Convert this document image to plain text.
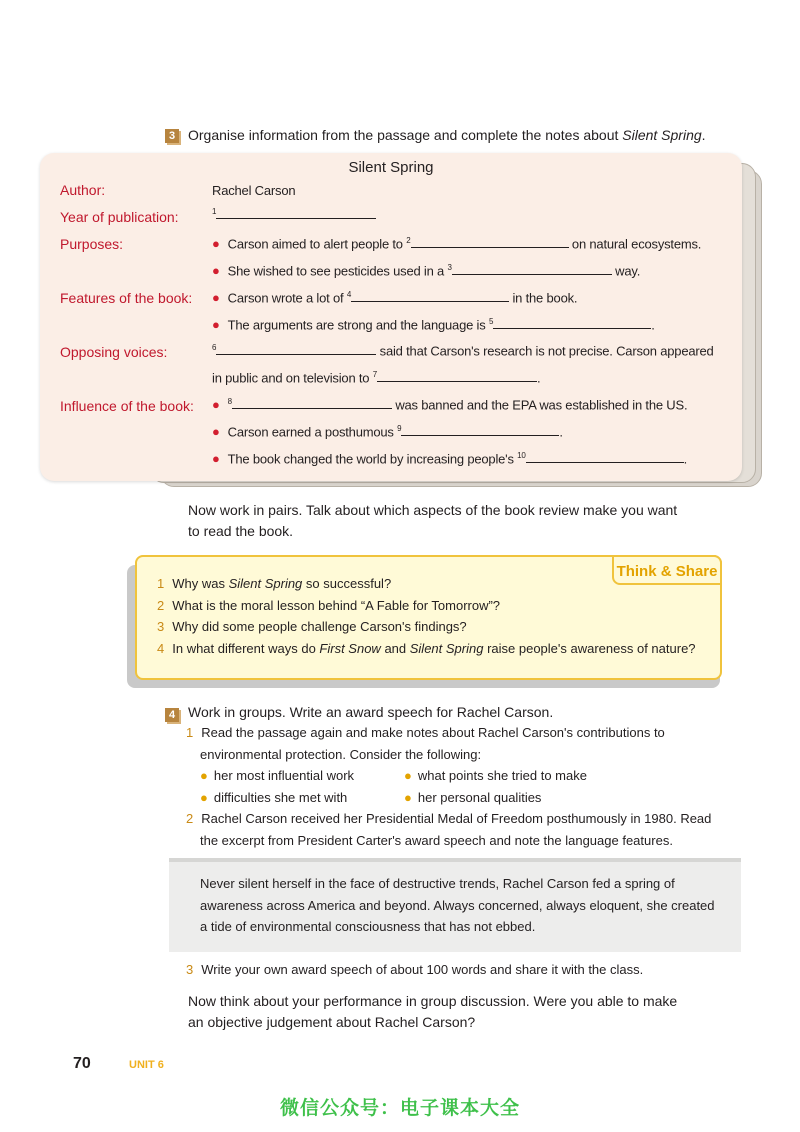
3 Organise information from the passage and complete the notes about Silent Spring.
Silent Spring
Author:	Rachel Carson
Year of publication:	$^1$
Purposes:	● Carson aimed to alert people to $^2$	on natural ecosystems.
● She wished to see pesticides used in a $^3$	way.
Features of the book: ● Carson wrote a lot of $^4$	in the book.
● The arguments are strong and the language is $^5$	.
Opposing voices:	$^6$	said that Carson's research is not precise. Carson appeared
in public and on television to $^7$	.
Influence of the book: ● $^8$	was banned and the EPA was established in the US.
● Carson earned a posthumous $^9$	.
● The book changed the world by increasing people's $^{10}$	.
Now work in pairs. Talk about which aspects of the book review make you want
to read the book.
Think & Share
1 Why was Silent Spring so successful?
2 What is the moral lesson behind “A Fable for Tomorrow”?
3 Why did some people challenge Carson's findings?
4 In what different ways do First Snow and Silent Spring raise people's awareness of nature?
4 Work in groups. Write an award speech for Rachel Carson.
1 Read the passage again and make notes about Rachel Carson's contributions to
environmental protection. Consider the following:
● her most influential work	● what points she tried to make
● difficulties she met with	● her personal qualities
2 Rachel Carson received her Presidential Medal of Freedom posthumously in 1980. Read
the excerpt from President Carter's award speech and note the language features.
Never silent herself in the face of destructive trends, Rachel Carson fed a spring of
awareness across America and beyond. Always concerned, always eloquent, she created
a tide of environmental consciousness that has not ebbed.
3 Write your own award speech of about 100 words and share it with the class.
Now think about your performance in group discussion. Were you able to make
an objective judgement about Rachel Carson?
70	UNIT 6
微信公众号：电子课本大全
